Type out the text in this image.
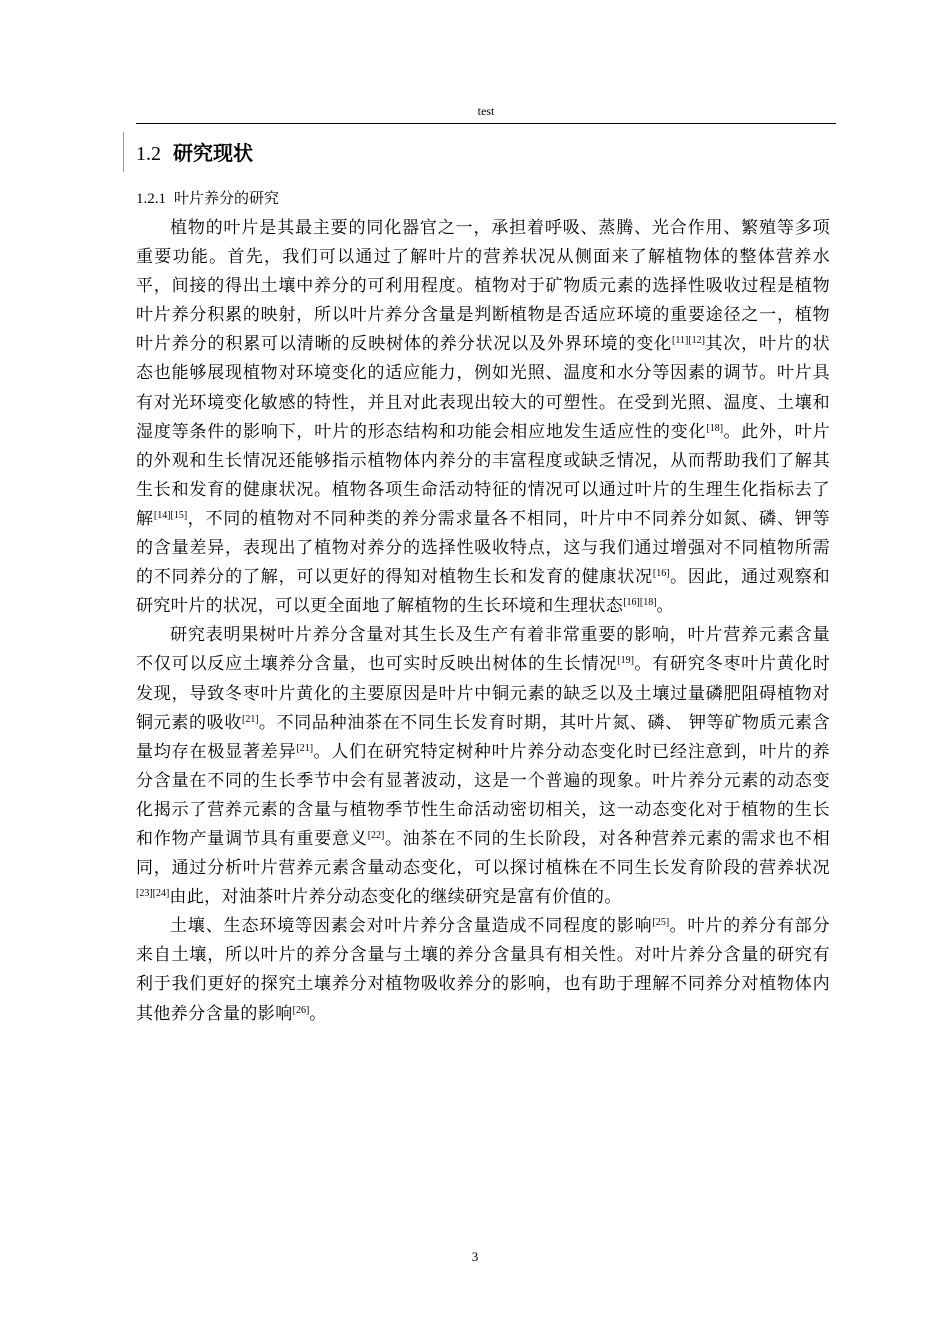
test
1.2 研究现状
1.2.1 叶片养分的研究

植物的叶片是其最主要的同化器官之一，承担着呼吸、蒸腾、光合作用、繁殖等多项重要功能。首先，我们可以通过了解叶片的营养状况从侧面来了解植物体的整体营养水平，间接的得出土壤中养分的可利用程度。植物对于矿物质元素的选择性吸收过程是植物叶片养分积累的映射，所以叶片养分含量是判断植物是否适应环境的重要途径之一，植物叶片养分的积累可以清晰的反映树体的养分状况以及外界环境的变化[11][12]其次，叶片的状态也能够展现植物对环境变化的适应能力，例如光照、温度和水分等因素的调节。叶片具有对光环境变化敏感的特性，并且对此表现出较大的可塑性。在受到光照、温度、土壤和湿度等条件的影响下，叶片的形态结构和功能会相应地发生适应性的变化[18]。此外，叶片的外观和生长情况还能够指示植物体内养分的丰富程度或缺乏情况，从而帮助我们了解其生长和发育的健康状况。植物各项生命活动特征的情况可以通过叶片的生理生化指标去了解[14][15]，不同的植物对不同种类的养分需求量各不相同，叶片中不同养分如氮、磷、钾等的含量差异，表现出了植物对养分的选择性吸收特点，这与我们通过增强对不同植物所需的不同养分的了解，可以更好的得知对植物生长和发育的健康状况[16]。因此，通过观察和研究叶片的状况，可以更全面地了解植物的生长环境和生理状态[16][18]。

研究表明果树叶片养分含量对其生长及生产有着非常重要的影响，叶片营养元素含量不仅可以反应土壤养分含量，也可实时反映出树体的生长情况[19]。有研究冬枣叶片黄化时发现，导致冬枣叶片黄化的主要原因是叶片中铜元素的缺乏以及土壤过量磷肥阻碍植物对铜元素的吸收[21]。不同品种油茶在不同生长发育时期，其叶片氮、磷、 钾等矿物质元素含量均存在极显著差异[21]。人们在研究特定树种叶片养分动态变化时已经注意到，叶片的养分含量在不同的生长季节中会有显著波动，这是一个普遍的现象。叶片养分元素的动态变化揭示了营养元素的含量与植物季节性生命活动密切相关，这一动态变化对于植物的生长和作物产量调节具有重要意义[22]。油茶在不同的生长阶段，对各种营养元素的需求也不相同，通过分析叶片营养元素含量动态变化，可以探讨植株在不同生长发育阶段的营养状况[23][24]由此，对油茶叶片养分动态变化的继续研究是富有价值的。

土壤、生态环境等因素会对叶片养分含量造成不同程度的影响[25]。叶片的养分有部分来自土壤，所以叶片的养分含量与土壤的养分含量具有相关性。对叶片养分含量的研究有利于我们更好的探究土壤养分对植物吸收养分的影响，也有助于理解不同养分对植物体内其他养分含量的影响[26]。

3
